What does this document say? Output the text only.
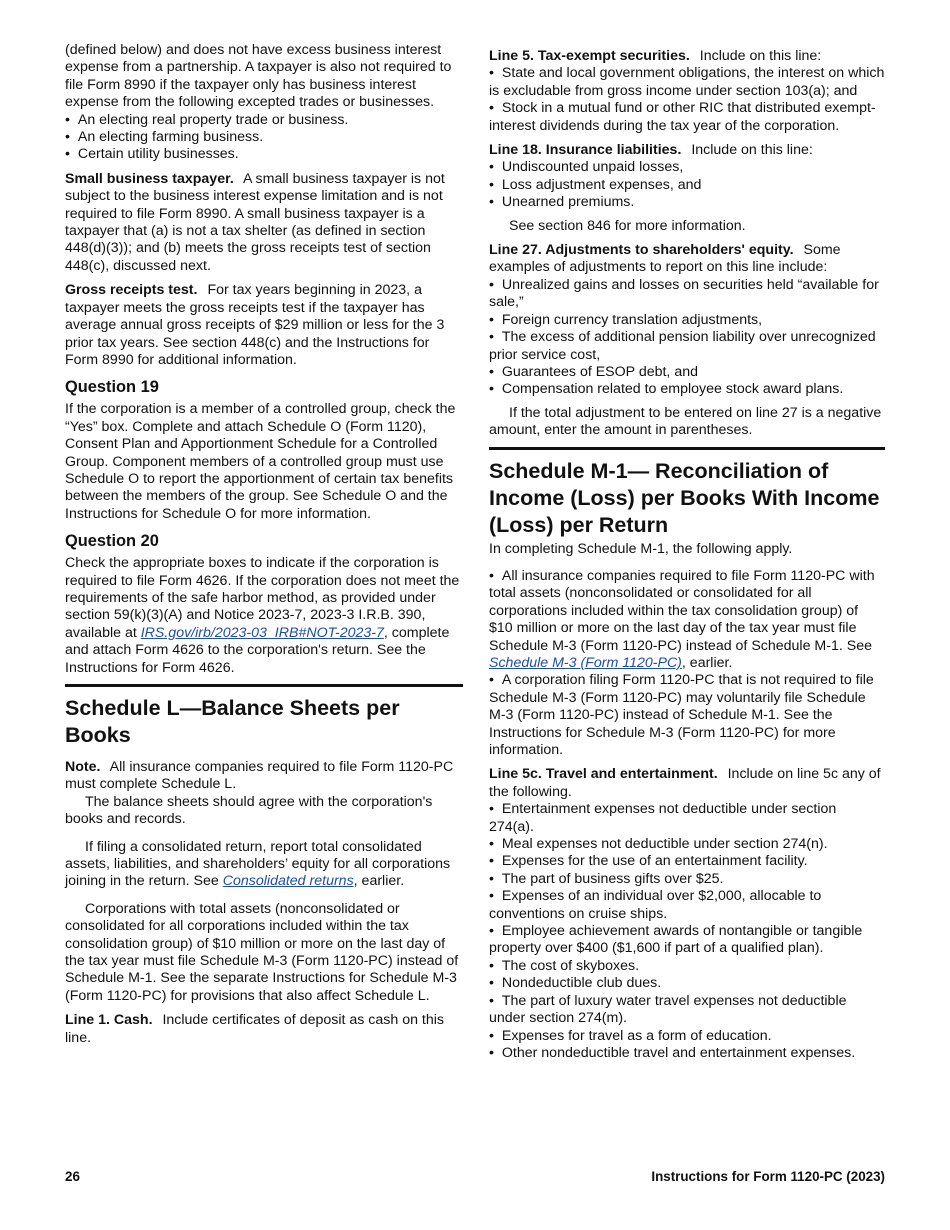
(defined below) and does not have excess business interest expense from a partnership. A taxpayer is also not required to file Form 8990 if the taxpayer only has business interest expense from the following excepted trades or businesses.

•  An electing real property trade or business.

•  An electing farming business.

•  Certain utility businesses.

Small business taxpayer. A small business taxpayer is not subject to the business interest expense limitation and is not required to file Form 8990. A small business taxpayer is a taxpayer that (a) is not a tax shelter (as defined in section 448(d)(3)); and (b) meets the gross receipts test of section 448(c), discussed next.

Gross receipts test. For tax years beginning in 2023, a taxpayer meets the gross receipts test if the taxpayer has average annual gross receipts of $29 million or less for the 3 prior tax years. See section 448(c) and the Instructions for Form 8990 for additional information.

Question 19

If the corporation is a member of a controlled group, check the “Yes” box. Complete and attach Schedule O (Form 1120), Consent Plan and Apportionment Schedule for a Controlled Group. Component members of a controlled group must use Schedule O to report the apportionment of certain tax benefits between the members of the group. See Schedule O and the Instructions for Schedule O for more information.

Question 20

Check the appropriate boxes to indicate if the corporation is required to file Form 4626. If the corporation does not meet the requirements of the safe harbor method, as provided under section 59(k)(3)(A) and Notice 2023-7, 2023-3 I.R.B. 390, available at IRS.gov/irb/2023-03_IRB#NOT-2023-7, complete and attach Form 4626 to the corporation's return. See the Instructions for Form 4626.

Schedule L—Balance Sheets per Books

Note. All insurance companies required to file Form 1120-PC must complete Schedule L.

The balance sheets should agree with the corporation's books and records.

If filing a consolidated return, report total consolidated assets, liabilities, and shareholders’ equity for all corporations joining in the return. See Consolidated returns, earlier.

Corporations with total assets (nonconsolidated or consolidated for all corporations included within the tax consolidation group) of $10 million or more on the last day of the tax year must file Schedule M-3 (Form 1120-PC) instead of Schedule M-1. See the separate Instructions for Schedule M-3 (Form 1120-PC) for provisions that also affect Schedule L.

Line 1. Cash. Include certificates of deposit as cash on this line.

Line 5. Tax-exempt securities. Include on this line:

•  State and local government obligations, the interest on which is excludable from gross income under section 103(a); and

•  Stock in a mutual fund or other RIC that distributed exempt-interest dividends during the tax year of the corporation.

Line 18. Insurance liabilities. Include on this line:

•  Undiscounted unpaid losses,

•  Loss adjustment expenses, and

•  Unearned premiums.

See section 846 for more information.

Line 27. Adjustments to shareholders' equity. Some examples of adjustments to report on this line include:

•  Unrealized gains and losses on securities held “available for sale,”

•  Foreign currency translation adjustments,

•  The excess of additional pension liability over unrecognized prior service cost,

•  Guarantees of ESOP debt, and

•  Compensation related to employee stock award plans.

If the total adjustment to be entered on line 27 is a negative amount, enter the amount in parentheses.

Schedule M-1— Reconciliation of Income (Loss) per Books With Income (Loss) per Return

In completing Schedule M-1, the following apply.

•  All insurance companies required to file Form 1120-PC with total assets (nonconsolidated or consolidated for all corporations included within the tax consolidation group) of $10 million or more on the last day of the tax year must file Schedule M-3 (Form 1120-PC) instead of Schedule M-1. See Schedule M-3 (Form 1120-PC), earlier.

•  A corporation filing Form 1120-PC that is not required to file Schedule M-3 (Form 1120-PC) may voluntarily file Schedule M-3 (Form 1120-PC) instead of Schedule M-1. See the Instructions for Schedule M-3 (Form 1120-PC) for more information.

Line 5c. Travel and entertainment. Include on line 5c any of the following.

•  Entertainment expenses not deductible under section 274(a).

•  Meal expenses not deductible under section 274(n).

•  Expenses for the use of an entertainment facility.

•  The part of business gifts over $25.

•  Expenses of an individual over $2,000, allocable to conventions on cruise ships.

•  Employee achievement awards of nontangible or tangible property over $400 ($1,600 if part of a qualified plan).

•  The cost of skyboxes.

•  Nondeductible club dues.

•  The part of luxury water travel expenses not deductible under section 274(m).

•  Expenses for travel as a form of education.

•  Other nondeductible travel and entertainment expenses.

26	Instructions for Form 1120-PC (2023)
